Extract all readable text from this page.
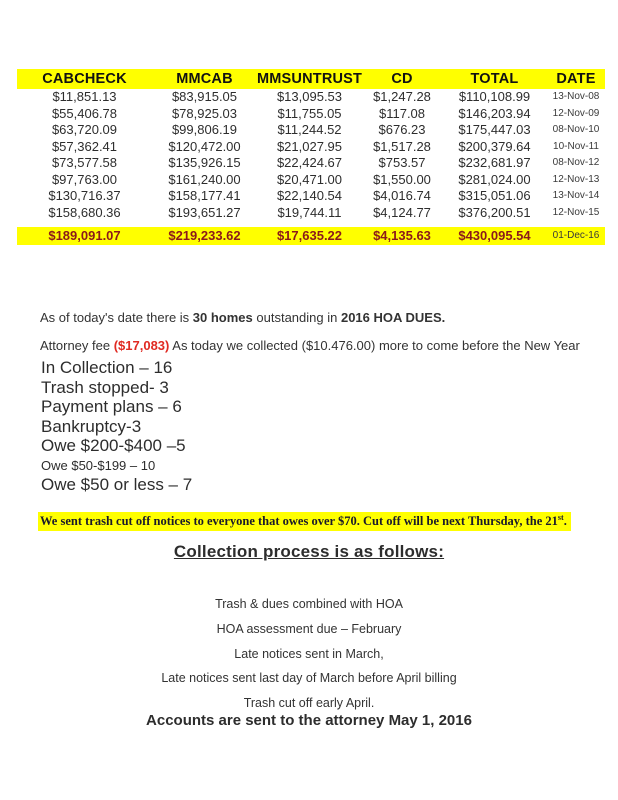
CABCHECK	MMCAB	MMSUNTRUST	CD	TOTAL	DATE
$11,851.13	$83,915.05	$13,095.53	$1,247.28	$110,108.99	13-Nov-08
$55,406.78	$78,925.03	$11,755.05	$117.08	$146,203.94	12-Nov-09
$63,720.09	$99,806.19	$11,244.52	$676.23	$175,447.03	08-Nov-10
$57,362.41	$120,472.00	$21,027.95	$1,517.28	$200,379.64	10-Nov-11
$73,577.58	$135,926.15	$22,424.67	$753.57	$232,681.97	08-Nov-12
$97,763.00	$161,240.00	$20,471.00	$1,550.00	$281,024.00	12-Nov-13
$130,716.37	$158,177.41	$22,140.54	$4,016.74	$315,051.06	13-Nov-14
$158,680.36	$193,651.27	$19,744.11	$4,124.77	$376,200.51	12-Nov-15
$189,091.07	$219,233.62	$17,635.22	$4,135.63	$430,095.54	01-Dec-16

As of today's date there is 30 homes outstanding in 2016 HOA DUES.

Attorney fee ($17,083) As today we collected ($10.476.00) more to come before the New Year

In Collection – 16
Trash stopped- 3
Payment plans – 6
Bankruptcy-3
Owe $200-$400 –5
Owe $50-$199 – 10
Owe $50 or less – 7
We sent trash cut off notices to everyone that owes over $70. Cut off will be next Thursday, the 21st.
Collection process is as follows:
Trash & dues combined with HOA
HOA assessment due – February
Late notices sent in March,
Late notices sent last day of March before April billing
Trash cut off early April.
Accounts are sent to the attorney May 1, 2016
